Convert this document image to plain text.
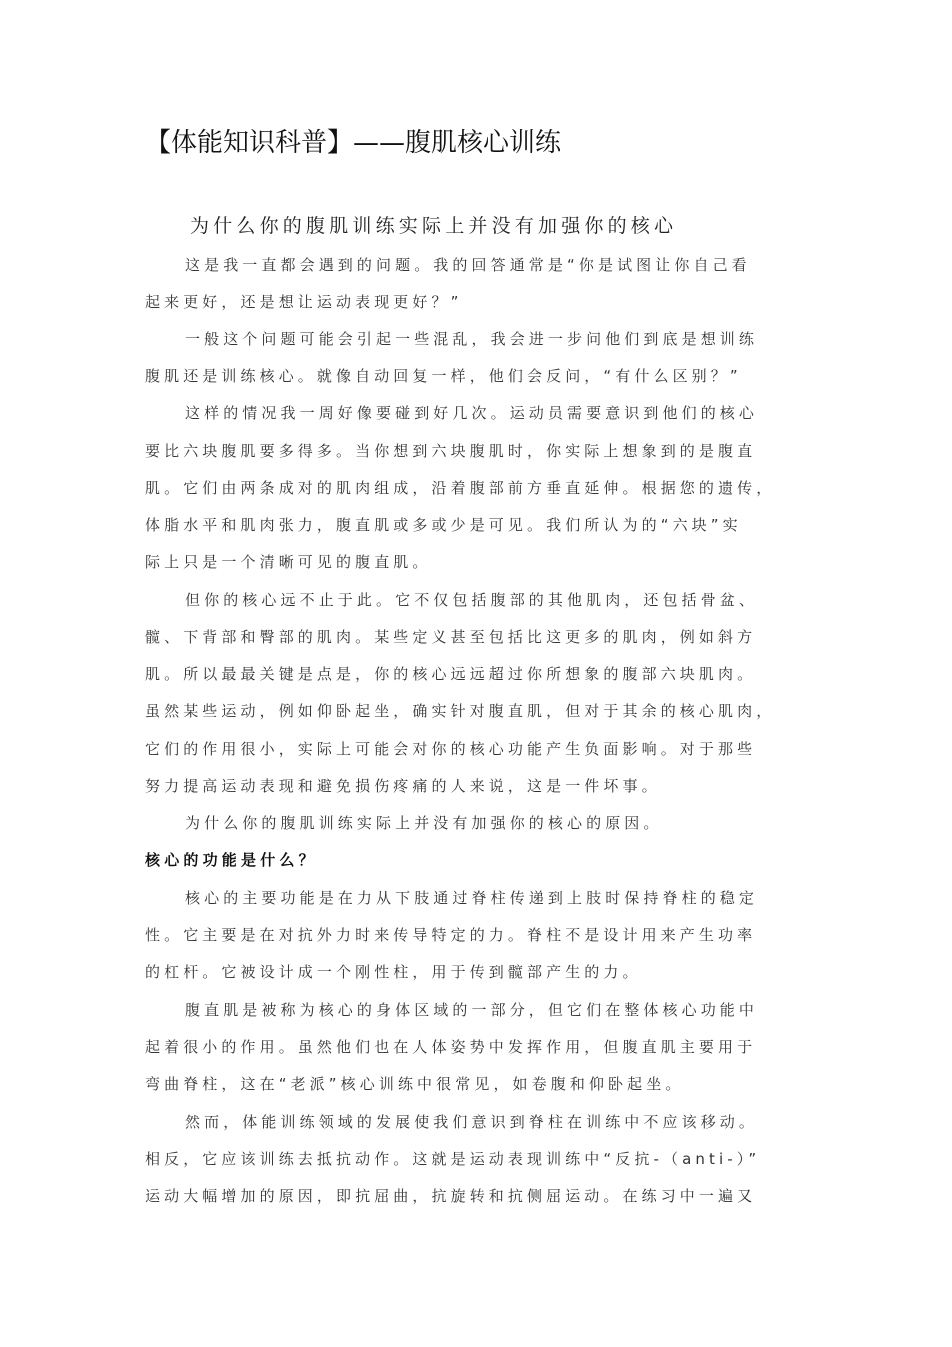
【体能知识科普】——腹肌核心训练
为什么你的腹肌训练实际上并没有加强你的核心
这是我一直都会遇到的问题。我的回答通常是“你是试图让你自己看
起来更好，还是想让运动表现更好？”
一般这个问题可能会引起一些混乱，我会进一步问他们到底是想训练
腹肌还是训练核心。就像自动回复一样，他们会反问，“有什么区别？”
这样的情况我一周好像要碰到好几次。运动员需要意识到他们的核心
要比六块腹肌要多得多。当你想到六块腹肌时，你实际上想象到的是腹直
肌。它们由两条成对的肌肉组成，沿着腹部前方垂直延伸。根据您的遗传，
体脂水平和肌肉张力，腹直肌或多或少是可见。我们所认为的“六块”实
际上只是一个清晰可见的腹直肌。
但你的核心远不止于此。它不仅包括腹部的其他肌肉，还包括骨盆、
髋、下背部和臀部的肌肉。某些定义甚至包括比这更多的肌肉，例如斜方
肌。所以最最关键是点是，你的核心远远超过你所想象的腹部六块肌肉。
虽然某些运动，例如仰卧起坐，确实针对腹直肌，但对于其余的核心肌肉，
它们的作用很小，实际上可能会对你的核心功能产生负面影响。对于那些
努力提高运动表现和避免损伤疼痛的人来说，这是一件坏事。
为什么你的腹肌训练实际上并没有加强你的核心的原因。
核心的功能是什么？
核心的主要功能是在力从下肢通过脊柱传递到上肢时保持脊柱的稳定
性。它主要是在对抗外力时来传导特定的力。脊柱不是设计用来产生功率
的杠杆。它被设计成一个刚性柱，用于传到髋部产生的力。
腹直肌是被称为核心的身体区域的一部分，但它们在整体核心功能中
起着很小的作用。虽然他们也在人体姿势中发挥作用，但腹直肌主要用于
弯曲脊柱，这在“老派”核心训练中很常见，如卷腹和仰卧起坐。
然而，体能训练领域的发展使我们意识到脊柱在训练中不应该移动。
相反，它应该训练去抵抗动作。这就是运动表现训练中“反抗-（anti-）”
运动大幅增加的原因，即抗屈曲，抗旋转和抗侧屈运动。在练习中一遍又
